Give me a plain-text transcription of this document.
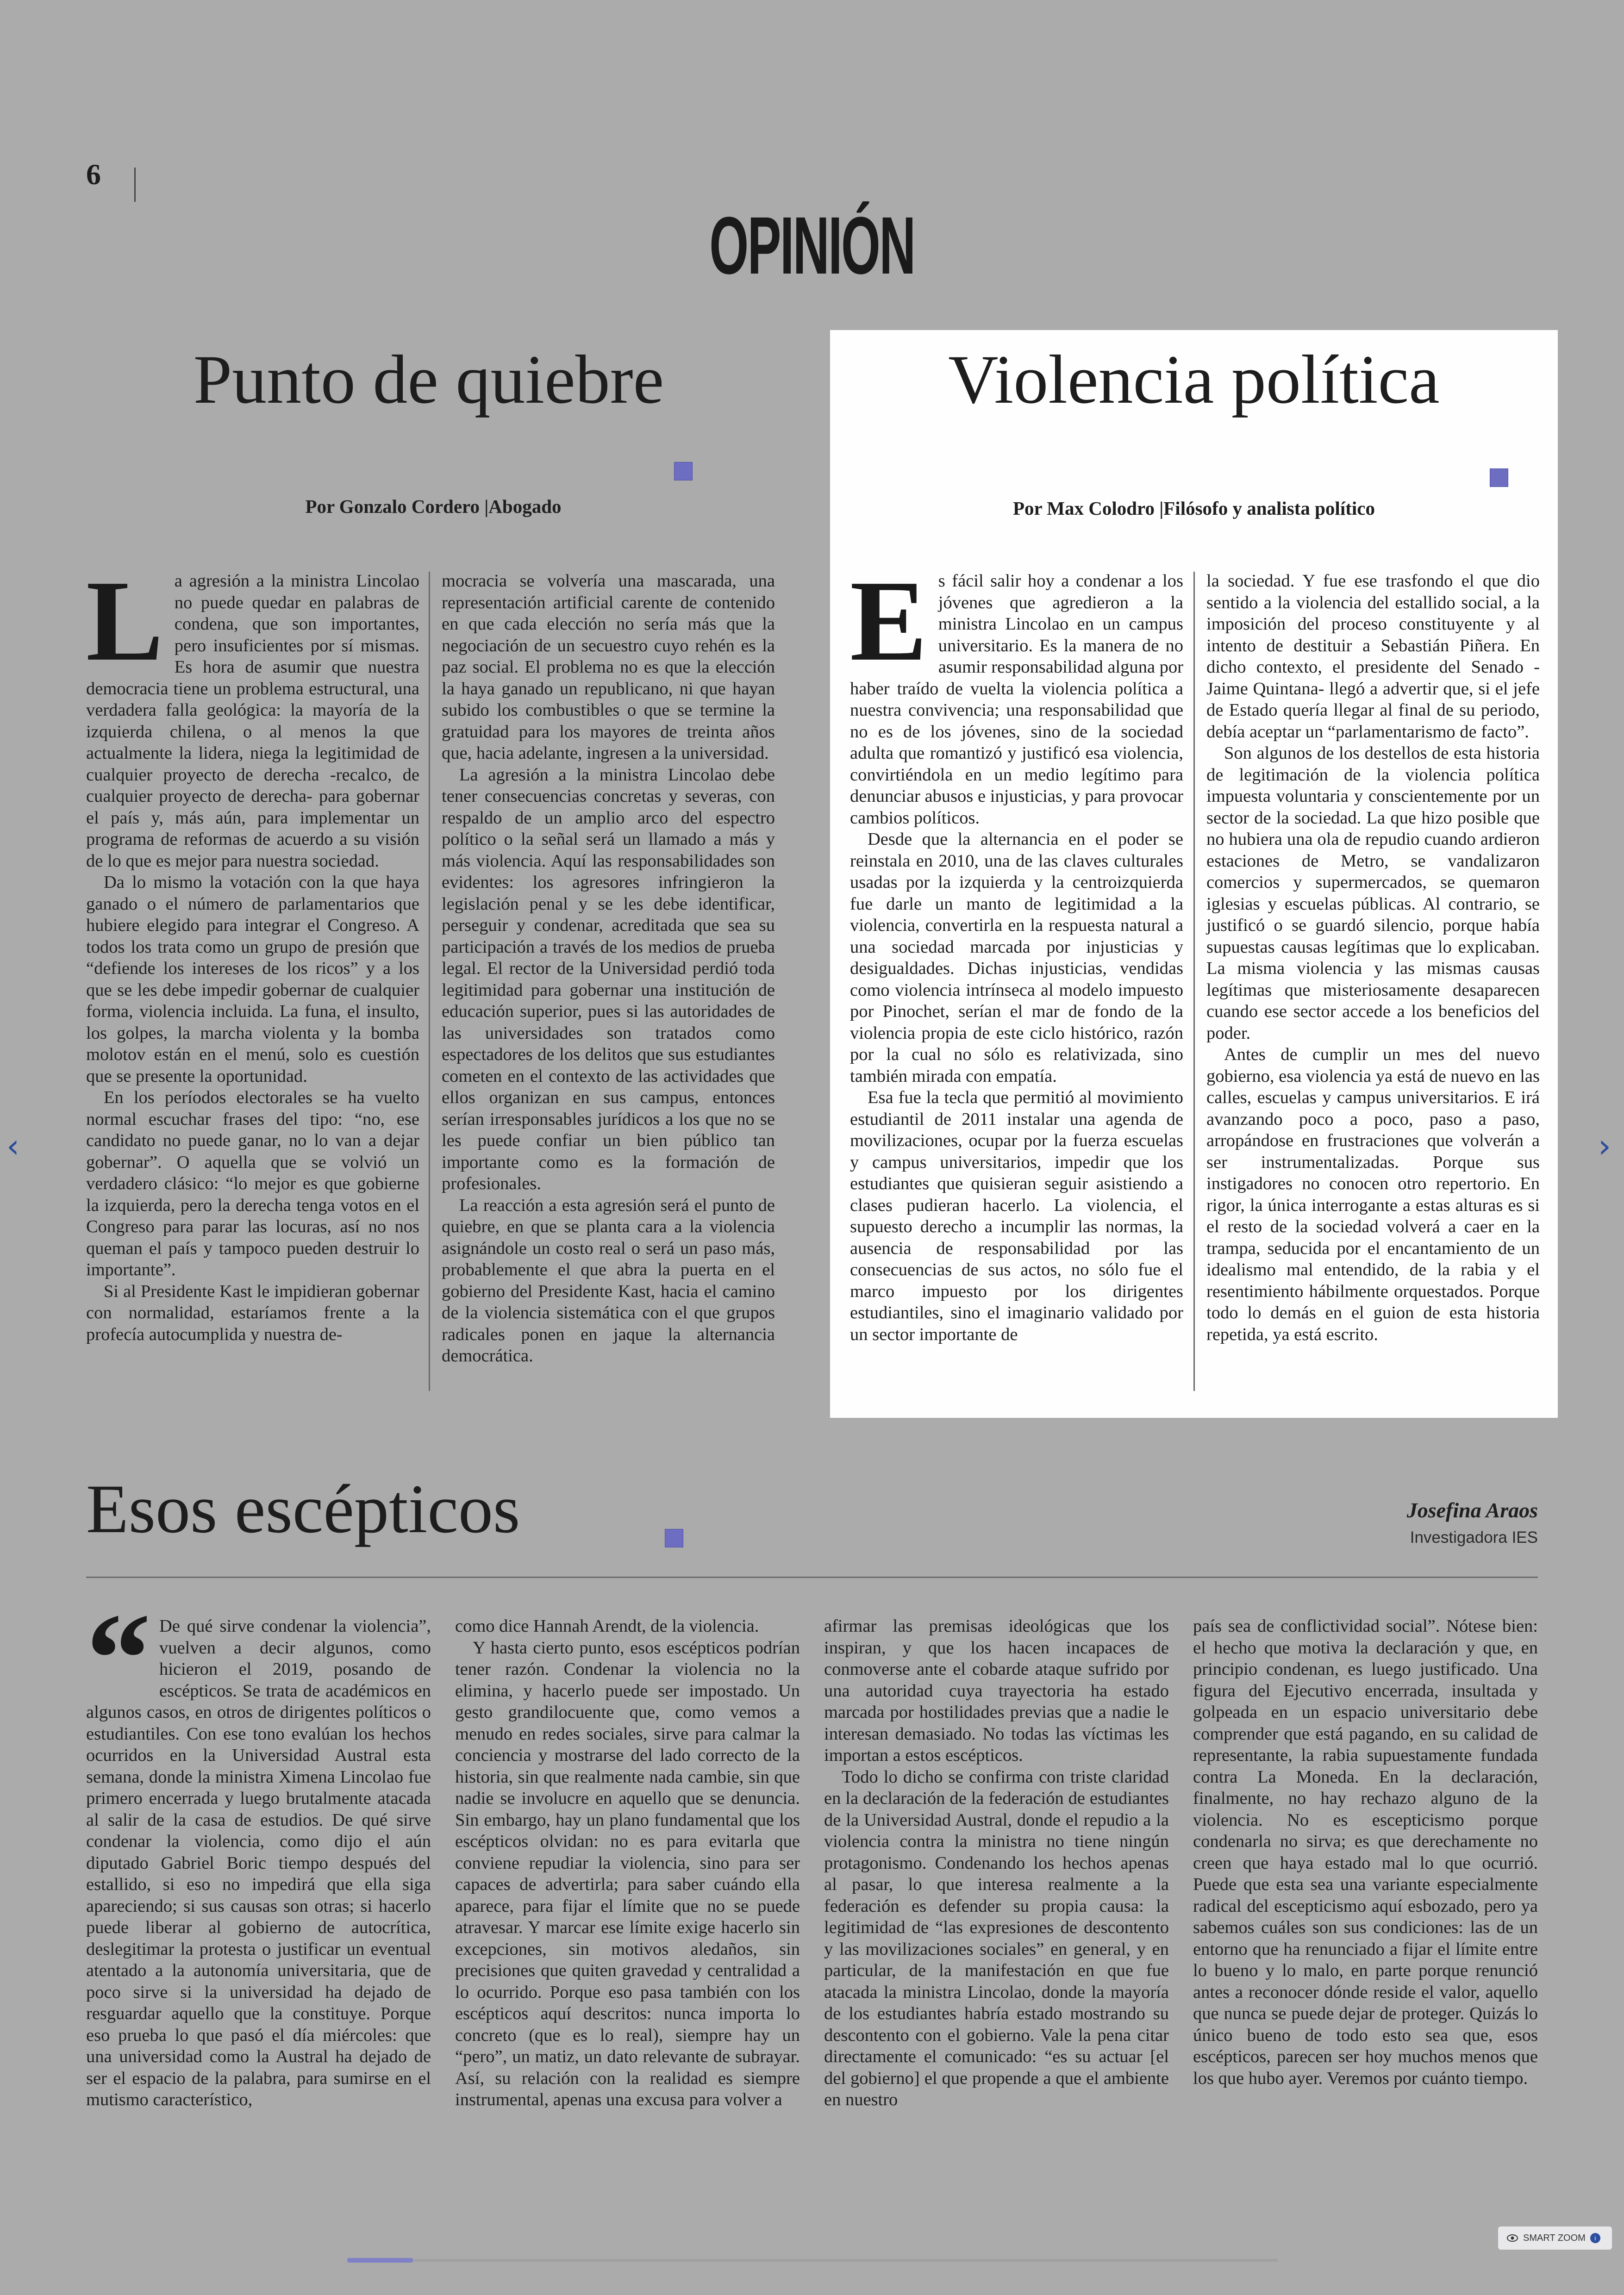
6
OPINIÓN
Punto de quiebre
Por Gonzalo Cordero |Abogado
L a agresión a la ministra Lincolao no puede quedar en palabras de condena, que son importantes, pero insuficientes por sí mismas. Es hora de asumir que nuestra democracia tiene un problema estructural, una verdadera falla geológica: la mayoría de la izquierda chilena, o al menos la que actualmente la lidera, niega la legitimidad de cualquier proyecto de derecha -recalco, de cualquier proyecto de derecha- para gobernar el país y, más aún, para implementar un programa de reformas de acuerdo a su visión de lo que es mejor para nuestra sociedad.

Da lo mismo la votación con la que haya ganado o el número de parlamentarios que hubiere elegido para integrar el Congreso. A todos los trata como un grupo de presión que “defiende los intereses de los ricos” y a los que se les debe impedir gobernar de cualquier forma, violencia incluida. La funa, el insulto, los golpes, la marcha violenta y la bomba molotov están en el menú, solo es cuestión que se presente la oportunidad.

En los períodos electorales se ha vuelto normal escuchar frases del tipo: “no, ese candidato no puede ganar, no lo van a dejar gobernar”. O aquella que se volvió un verdadero clásico: “lo mejor es que gobierne la izquierda, pero la derecha tenga votos en el Congreso para parar las locuras, así no nos queman el país y tampoco pueden destruir lo importante”.

Si al Presidente Kast le impidieran gobernar con normalidad, estaríamos frente a la profecía autocumplida y nuestra de-

mocracia se volvería una mascarada, una representación artificial carente de contenido en que cada elección no sería más que la negociación de un secuestro cuyo rehén es la paz social. El problema no es que la elección la haya ganado un republicano, ni que hayan subido los combustibles o que se termine la gratuidad para los mayores de treinta años que, hacia adelante, ingresen a la universidad.

La agresión a la ministra Lincolao debe tener consecuencias concretas y severas, con respaldo de un amplio arco del espectro político o la señal será un llamado a más y más violencia. Aquí las responsabilidades son evidentes: los agresores infringieron la legislación penal y se les debe identificar, perseguir y condenar, acreditada que sea su participación a través de los medios de prueba legal. El rector de la Universidad perdió toda legitimidad para gobernar una institución de educación superior, pues si las autoridades de las universidades son tratados como espectadores de los delitos que sus estudiantes cometen en el contexto de las actividades que ellos organizan en sus campus, entonces serían irresponsables jurídicos a los que no se les puede confiar un bien público tan importante como es la formación de profesionales.

La reacción a esta agresión será el punto de quiebre, en que se planta cara a la violencia asignándole un costo real o será un paso más, probablemente el que abra la puerta en el gobierno del Presidente Kast, hacia el camino de la violencia sistemática con el que grupos radicales ponen en jaque la alternancia democrática.

Violencia política
Por Max Colodro |Filósofo y analista político
E s fácil salir hoy a condenar a los jóvenes que agredieron a la ministra Lincolao en un campus universitario. Es la manera de no asumir responsabilidad alguna por haber traído de vuelta la violencia política a nuestra convivencia; una responsabilidad que no es de los jóvenes, sino de la sociedad adulta que romantizó y justificó esa violencia, convirtiéndola en un medio legítimo para denunciar abusos e injusticias, y para provocar cambios políticos.

Desde que la alternancia en el poder se reinstala en 2010, una de las claves culturales usadas por la izquierda y la centroizquierda fue darle un manto de legitimidad a la violencia, convertirla en la respuesta natural a una sociedad marcada por injusticias y desigualdades. Dichas injusticias, vendidas como violencia intrínseca al modelo impuesto por Pinochet, serían el mar de fondo de la violencia propia de este ciclo histórico, razón por la cual no sólo es relativizada, sino también mirada con empatía.

Esa fue la tecla que permitió al movimiento estudiantil de 2011 instalar una agenda de movilizaciones, ocupar por la fuerza escuelas y campus universitarios, impedir que los estudiantes que quisieran seguir asistiendo a clases pudieran hacerlo. La violencia, el supuesto derecho a incumplir las normas, la ausencia de responsabilidad por las consecuencias de sus actos, no sólo fue el marco impuesto por los dirigentes estudiantiles, sino el imaginario validado por un sector importante de

la sociedad. Y fue ese trasfondo el que dio sentido a la violencia del estallido social, a la imposición del proceso constituyente y al intento de destituir a Sebastián Piñera. En dicho contexto, el presidente del Senado -Jaime Quintana- llegó a advertir que, si el jefe de Estado quería llegar al final de su periodo, debía aceptar un “parlamentarismo de facto”.

Son algunos de los destellos de esta historia de legitimación de la violencia política impuesta voluntaria y conscientemente por un sector de la sociedad. La que hizo posible que no hubiera una ola de repudio cuando ardieron estaciones de Metro, se vandalizaron comercios y supermercados, se quemaron iglesias y escuelas públicas. Al contrario, se justificó o se guardó silencio, porque había supuestas causas legítimas que lo explicaban. La misma violencia y las mismas causas legítimas que misteriosamente desaparecen cuando ese sector accede a los beneficios del poder.

Antes de cumplir un mes del nuevo gobierno, esa violencia ya está de nuevo en las calles, escuelas y campus universitarios. E irá avanzando poco a poco, paso a paso, arropándose en frustraciones que volverán a ser instrumentalizadas. Porque sus instigadores no conocen otro repertorio. En rigor, la única interrogante a estas alturas es si el resto de la sociedad volverá a caer en la trampa, seducida por el encantamiento de un idealismo mal entendido, de la rabia y el resentimiento hábilmente orquestados. Porque todo lo demás en el guion de esta historia repetida, ya está escrito.

Esos escépticos	Josefina Araos
Investigadora IES
“ De qué sirve condenar la violencia”, vuelven a decir algunos, como hicieron el 2019, posando de escépticos. Se trata de académicos en algunos casos, en otros de dirigentes políticos o estudiantiles. Con ese tono evalúan los hechos ocurridos en la Universidad Austral esta semana, donde la ministra Ximena Lincolao fue primero encerrada y luego brutalmente atacada al salir de la casa de estudios. De qué sirve condenar la violencia, como dijo el aún diputado Gabriel Boric tiempo después del estallido, si eso no impedirá que ella siga apareciendo; si sus causas son otras; si hacerlo puede liberar al gobierno de autocrítica, deslegitimar la protesta o justificar un eventual atentado a la autonomía universitaria, que de poco sirve si la universidad ha dejado de resguardar aquello que la constituye. Porque eso prueba lo que pasó el día miércoles: que una universidad como la Austral ha dejado de ser el espacio de la palabra, para sumirse en el mutismo característico,

como dice Hannah Arendt, de la violencia.

Y hasta cierto punto, esos escépticos podrían tener razón. Condenar la violencia no la elimina, y hacerlo puede ser impostado. Un gesto grandilocuente que, como vemos a menudo en redes sociales, sirve para calmar la conciencia y mostrarse del lado correcto de la historia, sin que realmente nada cambie, sin que nadie se involucre en aquello que se denuncia. Sin embargo, hay un plano fundamental que los escépticos olvidan: no es para evitarla que conviene repudiar la violencia, sino para ser capaces de advertirla; para saber cuándo ella aparece, para fijar el límite que no se puede atravesar. Y marcar ese límite exige hacerlo sin excepciones, sin motivos aledaños, sin precisiones que quiten gravedad y centralidad a lo ocurrido. Porque eso pasa también con los escépticos aquí descritos: nunca importa lo concreto (que es lo real), siempre hay un “pero”, un matiz, un dato relevante de subrayar. Así, su relación con la realidad es siempre instrumental, apenas una excusa para volver a

afirmar las premisas ideológicas que los inspiran, y que los hacen incapaces de conmoverse ante el cobarde ataque sufrido por una autoridad cuya trayectoria ha estado marcada por hostilidades previas que a nadie le interesan demasiado. No todas las víctimas les importan a estos escépticos.

Todo lo dicho se confirma con triste claridad en la declaración de la federación de estudiantes de la Universidad Austral, donde el repudio a la violencia contra la ministra no tiene ningún protagonismo. Condenando los hechos apenas al pasar, lo que interesa realmente a la federación es defender su propia causa: la legitimidad de “las expresiones de descontento y las movilizaciones sociales” en general, y en particular, de la manifestación en que fue atacada la ministra Lincolao, donde la mayoría de los estudiantes habría estado mostrando su descontento con el gobierno. Vale la pena citar directamente el comunicado: “es su actuar [el del gobierno] el que propende a que el ambiente en nuestro

país sea de conflictividad social”. Nótese bien: el hecho que motiva la declaración y que, en principio condenan, es luego justificado. Una figura del Ejecutivo encerrada, insultada y golpeada en un espacio universitario debe comprender que está pagando, en su calidad de representante, la rabia supuestamente fundada contra La Moneda. En la declaración, finalmente, no hay rechazo alguno de la violencia. No es escepticismo porque condenarla no sirva; es que derechamente no creen que haya estado mal lo que ocurrió. Puede que esta sea una variante especialmente radical del escepticismo aquí esbozado, pero ya sabemos cuáles son sus condiciones: las de un entorno que ha renunciado a fijar el límite entre lo bueno y lo malo, en parte porque renunció antes a reconocer dónde reside el valor, aquello que nunca se puede dejar de proteger. Quizás lo único bueno de todo esto sea que, esos escépticos, parecen ser hoy muchos menos que los que hubo ayer. Veremos por cuánto tiempo.

‹	›
SMART ZOOM	i
